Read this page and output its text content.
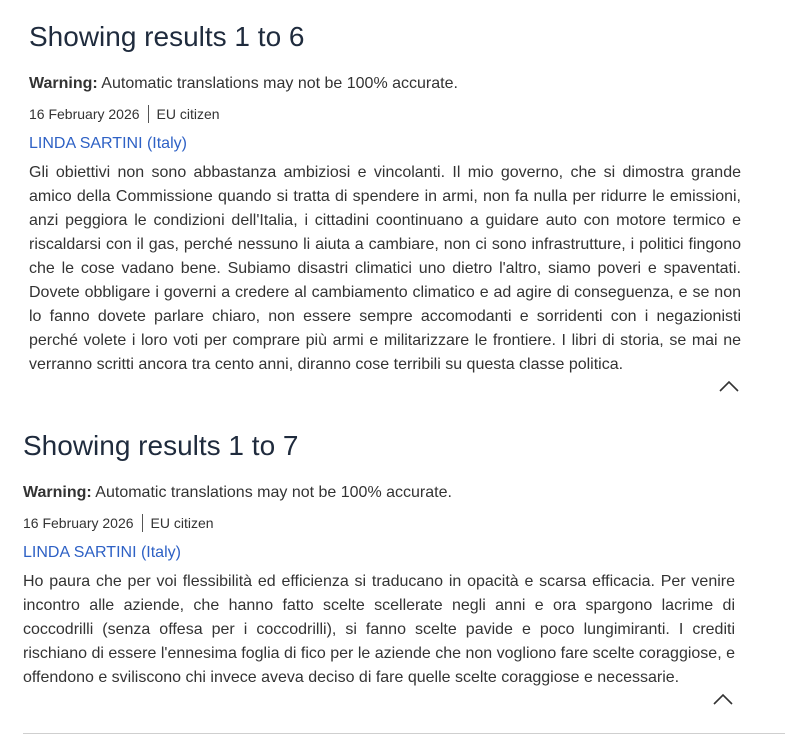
Showing results 1 to 6
Warning: Automatic translations may not be 100% accurate.
16 February 2026 EU citizen
LINDA SARTINI (Italy)
Gli obiettivi non sono abbastanza ambiziosi e vincolanti. Il mio governo, che si dimostra grande amico della Commissione quando si tratta di spendere in armi, non fa nulla per ridurre le emissioni, anzi peggiora le condizioni dell'Italia, i cittadini coontinuano a guidare auto con motore termico e riscaldarsi con il gas, perché nessuno li aiuta a cambiare, non ci sono infrastrutture, i politici fingono che le cose vadano bene. Subiamo disastri climatici uno dietro l'altro, siamo poveri e spaventati. Dovete obbligare i governi a credere al cambiamento climatico e ad agire di conseguenza, e se non lo fanno dovete parlare chiaro, non essere sempre accomodanti e sorridenti con i negazionisti perché volete i loro voti per comprare più armi e militarizzare le frontiere. I libri di storia, se mai ne verranno scritti ancora tra cento anni, diranno cose terribili su questa classe politica.
Showing results 1 to 7
Warning: Automatic translations may not be 100% accurate.
16 February 2026 EU citizen
LINDA SARTINI (Italy)
Ho paura che per voi flessibilità ed efficienza si traducano in opacità e scarsa efficacia. Per venire incontro alle aziende, che hanno fatto scelte scellerate negli anni e ora spargono lacrime di coccodrilli (senza offesa per i coccodrilli), si fanno scelte pavide e poco lungimiranti. I crediti rischiano di essere l'ennesima foglia di fico per le aziende che non vogliono fare scelte coraggiose, e offendono e sviliscono chi invece aveva deciso di fare quelle scelte coraggiose e necessarie.
